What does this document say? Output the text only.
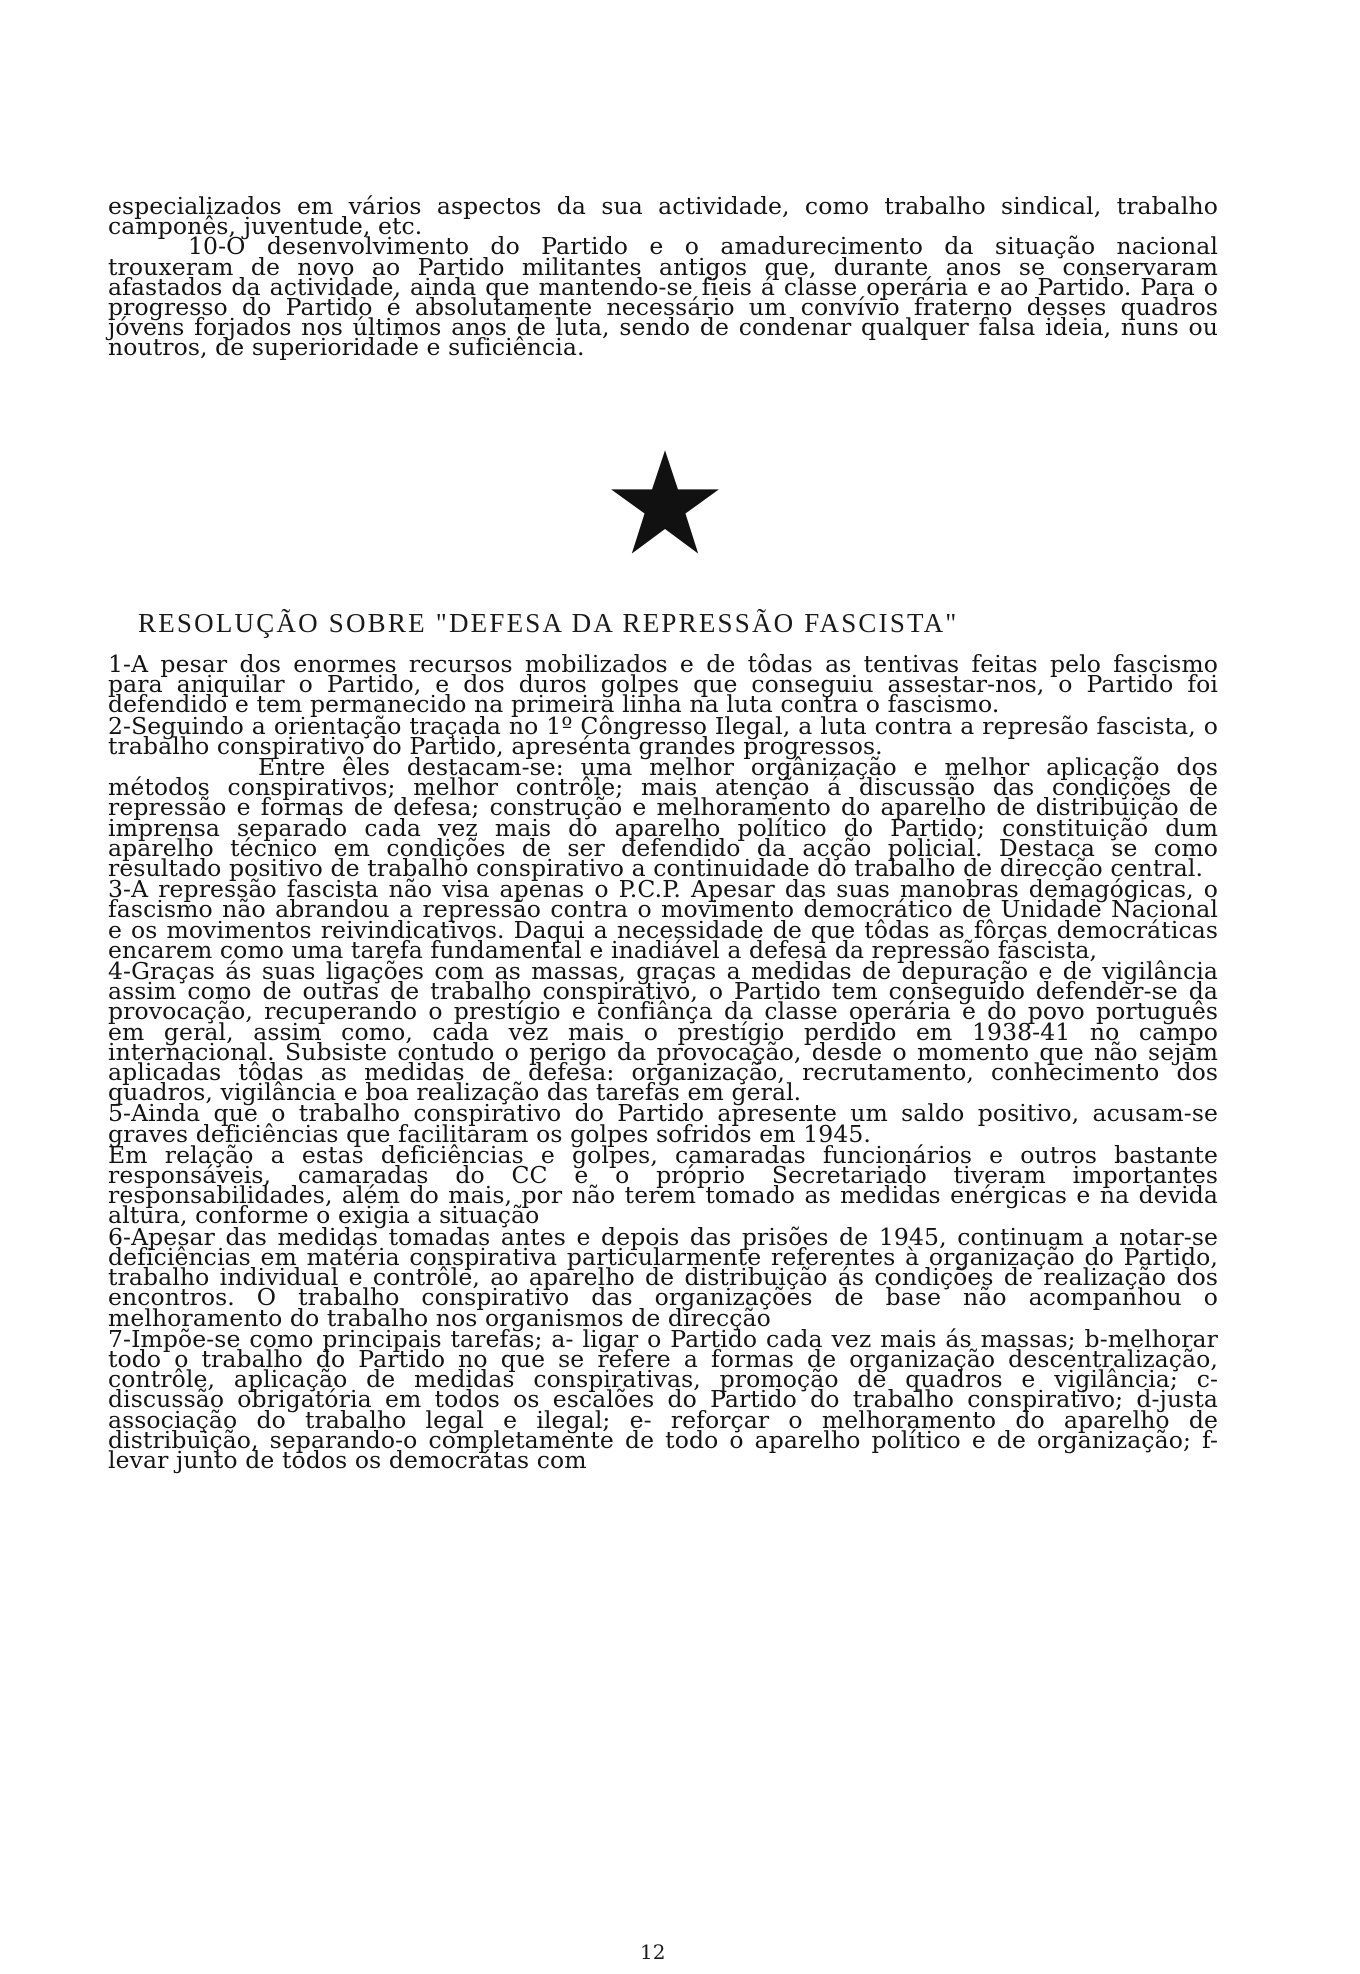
especializados em vários aspectos da sua actividade, como trabalho sindical, trabalho camponês, juventude, etc.

10-O desenvolvimento do Partido e o amadurecimento da situação nacional trouxeram de novo ao Partido militantes antigos que, durante anos se conservaram afastados da actividade, ainda que mantendo-se fieis á classe operária e ao Partido. Para o progresso do Partido é absolutamente necessário um convívio fraterno desses quadros jóvens forjados nos últimos anos de luta, sendo de condenar qualquer falsa ideia, nuns ou noutros, de superioridade e suficiência.

RESOLUÇÃO SOBRE "DEFESA DA REPRESSÃO FASCISTA"

1-A pesar dos enormes recursos mobilizados e de tôdas as tentivas feitas pelo fascismo para aniquilar o Partido, e dos duros golpes que conseguiu assestar-nos, o Partido foi defendido e tem permanecido na primeira linha na luta contra o fascismo.

2-Seguindo a orientação traçada no 1º Côngresso Ilegal, a luta contra a represão fascista, o trabalho conspirativo do Partido, apresénta grandes progressos.

Entre êles destacam-se: uma melhor orgânização e melhor aplicação dos métodos conspirativos; melhor contrôle; mais atenção á discussão das condições de repressão e formas de defesa; construção e melhoramento do aparelho de distribuição de imprensa separado cada vez mais do aparelho político do Partido; constituição dum aparelho técnico em condições de ser defendido da acção policial. Destaca se como resultado positivo de trabalho conspirativo a continuidade do trabalho de direcção central.

3-A repressão fascista não visa apenas o P.C.P. Apesar das suas manobras demagógicas, o fascismo não abrandou a repressão contra o movimento democrático de Unidade Nacional e os movimentos reivindicativos. Daqui a necessidade de que tôdas as fôrças democráticas encarem como uma tarefa fundamental e inadiável a defesa da repressão fascista,

4-Graças ás suas ligações com as massas, graças a medidas de depuração e de vigilância assim como de outras de trabalho conspirativo, o Partido tem conseguido defender-se da provocação, recuperando o prestígio e confiânça da classe operária e do povo português em geral, assim como, cada vez mais o prestígio perdido em 1938-41 no campo internacional. Subsiste contudo o perigo da provocação, desde o momento que não sejam aplicadas tôdas as medidas de defesa: organização, recrutamento, conhecimento dos quadros, vigilância e boa realização das tarefas em geral.

5-Ainda que o trabalho conspirativo do Partido apresente um saldo positivo, acusam-se graves deficiências que facilitaram os golpes sofridos em 1945.

Em relação a estas deficiências e golpes, camaradas funcionários e outros bastante responsáveis, camaradas do CC e o próprio Secretariado tiveram importantes responsabilidades, além do mais, por não terem tomado as medidas enérgicas e na devida altura, conforme o exigia a situação

6-Apesar das medidas tomadas antes e depois das prisões de 1945, continuam a notar-se deficiências em matéria conspirativa particularmente referentes à organização do Partido, trabalho individual e contrôle, ao aparelho de distribuição ás condições de realização dos encontros. O trabalho conspirativo das organizações de base não acompanhou o melhoramento do trabalho nos organismos de direcção

7-Impõe-se como principais tarefas; a- ligar o Partido cada vez mais ás massas; b-melhorar todo o trabalho do Partido no que se refere a formas de organização descentralização, contrôle, aplicação de medidas conspirativas, promoção de quadros e vigilância; c-discussão obrigatória em todos os escalões do Partido do trabalho conspirativo; d-justa associação do trabalho legal e ilegal; e- reforçar o melhoramento do aparelho de distribuição, separando-o completamente de todo o aparelho político e de organização; f- levar junto de todos os democrátas com

12
